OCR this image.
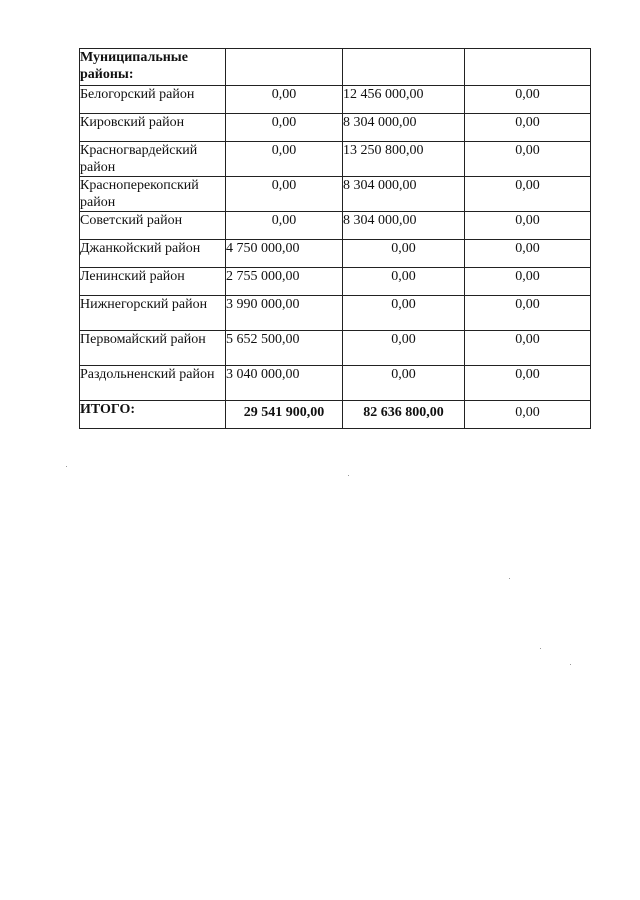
Муниципальные районы:			
Белогорский район	0,00	12 456 000,00	0,00
Кировский район	0,00	8 304 000,00	0,00
Красногвардейский район	0,00	13 250 800,00	0,00
Красноперекопский район	0,00	8 304 000,00	0,00
Советский район	0,00	8 304 000,00	0,00
Джанкойский район	4 750 000,00	0,00	0,00
Ленинский район	2 755 000,00	0,00	0,00
Нижнегорский район	3 990 000,00	0,00	0,00
Первомайский район	5 652 500,00	0,00	0,00
Раздольненский район	3 040 000,00	0,00	0,00
ИТОГО:	29 541 900,00	82 636 800,00	0,00
